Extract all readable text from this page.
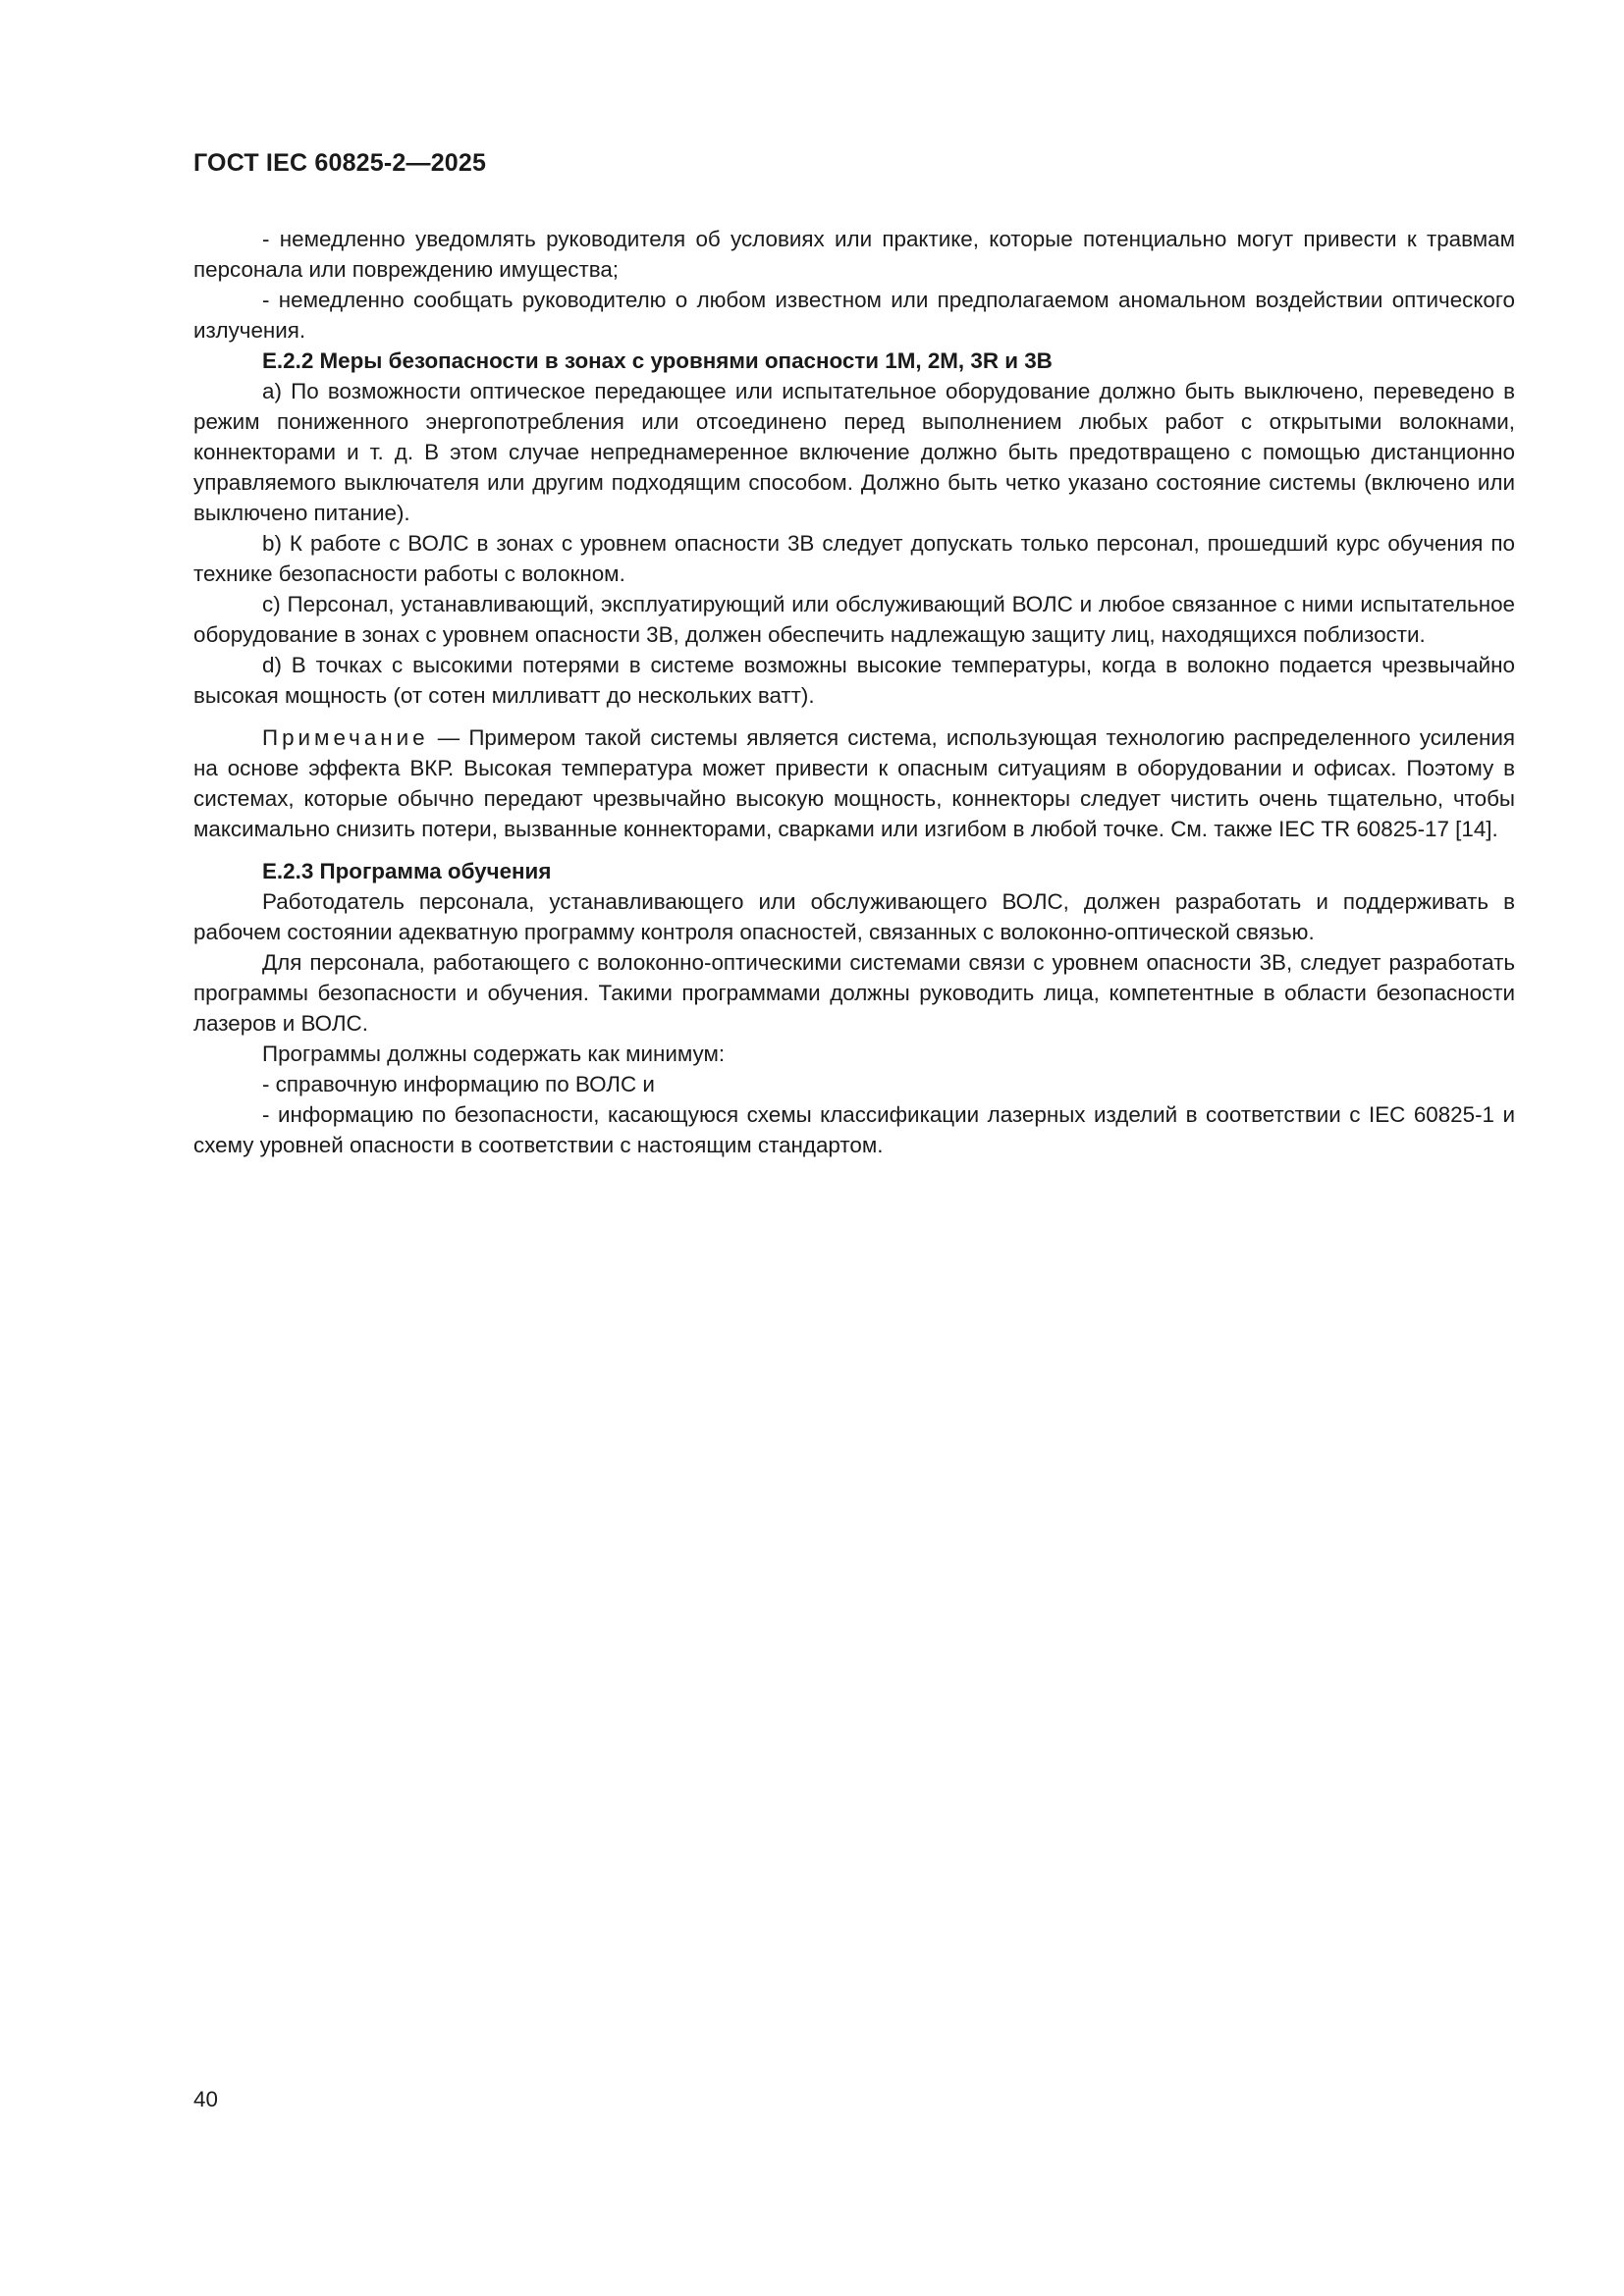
ГОСТ IEC 60825-2—2025

- немедленно уведомлять руководителя об условиях или практике, которые потенциально могут привести к травмам персонала или повреждению имущества;

- немедленно сообщать руководителю о любом известном или предполагаемом аномальном воздействии оптического излучения.

Е.2.2 Меры безопасности в зонах с уровнями опасности 1М, 2М, 3R и 3В

а) По возможности оптическое передающее или испытательное оборудование должно быть выключено, переведено в режим пониженного энергопотребления или отсоединено перед выполнением любых работ с открытыми волокнами, коннекторами и т. д. В этом случае непреднамеренное включение должно быть предотвращено с помощью дистанционно управляемого выключателя или другим подходящим способом. Должно быть четко указано состояние системы (включено или выключено питание).

b) К работе с ВОЛС в зонах с уровнем опасности 3В следует допускать только персонал, прошедший курс обучения по технике безопасности работы с волокном.

c) Персонал, устанавливающий, эксплуатирующий или обслуживающий ВОЛС и любое связанное с ними испытательное оборудование в зонах с уровнем опасности 3В, должен обеспечить надлежащую защиту лиц, находящихся поблизости.

d) В точках с высокими потерями в системе возможны высокие температуры, когда в волокно подается чрезвычайно высокая мощность (от сотен милливатт до нескольких ватт).

Примечание — Примером такой системы является система, использующая технологию распределенного усиления на основе эффекта ВКР. Высокая температура может привести к опасным ситуациям в оборудовании и офисах. Поэтому в системах, которые обычно передают чрезвычайно высокую мощность, коннекторы следует чистить очень тщательно, чтобы максимально снизить потери, вызванные коннекторами, сварками или изгибом в любой точке. См. также IEC TR 60825-17 [14].

Е.2.3 Программа обучения

Работодатель персонала, устанавливающего или обслуживающего ВОЛС, должен разработать и поддерживать в рабочем состоянии адекватную программу контроля опасностей, связанных с волоконно-оптической связью.

Для персонала, работающего с волоконно-оптическими системами связи с уровнем опасности 3В, следует разработать программы безопасности и обучения. Такими программами должны руководить лица, компетентные в области безопасности лазеров и ВОЛС.

Программы должны содержать как минимум:

- справочную информацию по ВОЛС и

- информацию по безопасности, касающуюся схемы классификации лазерных изделий в соответствии с IEC 60825-1 и схему уровней опасности в соответствии с настоящим стандартом.

40
